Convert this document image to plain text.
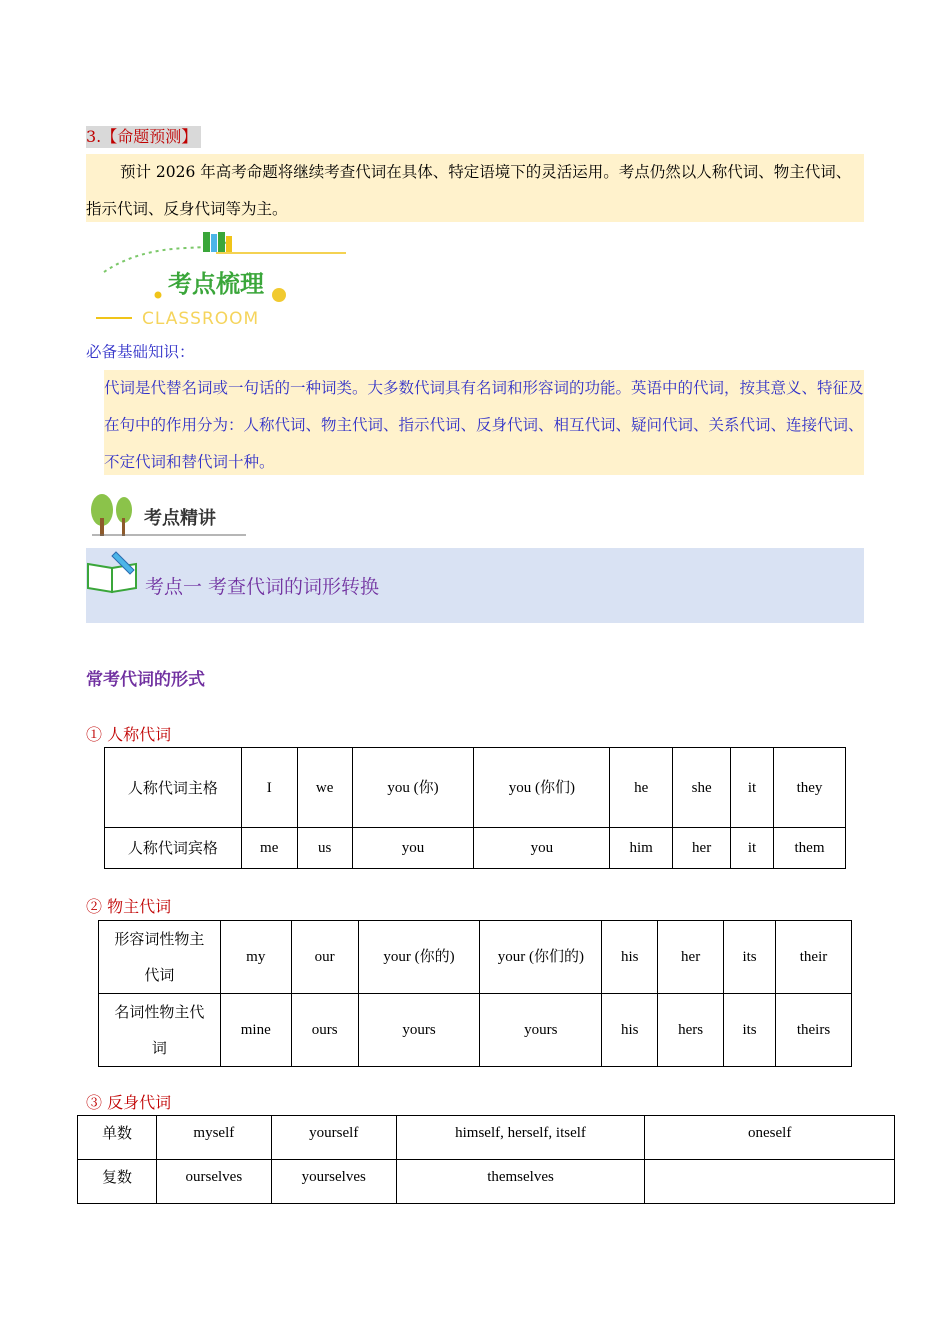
3.【命题预测】
预计 2026 年高考命题将继续考查代词在具体、特定语境下的灵活运用。考点仍然以人称代词、物主代词、指示代词、反身代词等为主。
考点梳理
CLASSROOM
必备基础知识：
代词是代替名词或一句话的一种词类。大多数代词具有名词和形容词的功能。英语中的代词，按其意义、特征及在句中的作用分为：人称代词、物主代词、指示代词、反身代词、相互代词、疑问代词、关系代词、连接代词、不定代词和替代词十种。
考点精讲
考点一 考查代词的词形转换
常考代词的形式
① 人称代词
人称代词主格	I	we	you (你)	you (你们)	he	she	it	they
人称代词宾格	me	us	you	you	him	her	it	them
② 物主代词
形容词性物主代词	my	our	your (你的)	your (你们的)	his	her	its	their
名词性物主代词	mine	ours	yours	yours	his	hers	its	theirs
③ 反身代词
单数	myself	yourself	himself, herself, itself	oneself
复数	ourselves	yourselves	themselves	
